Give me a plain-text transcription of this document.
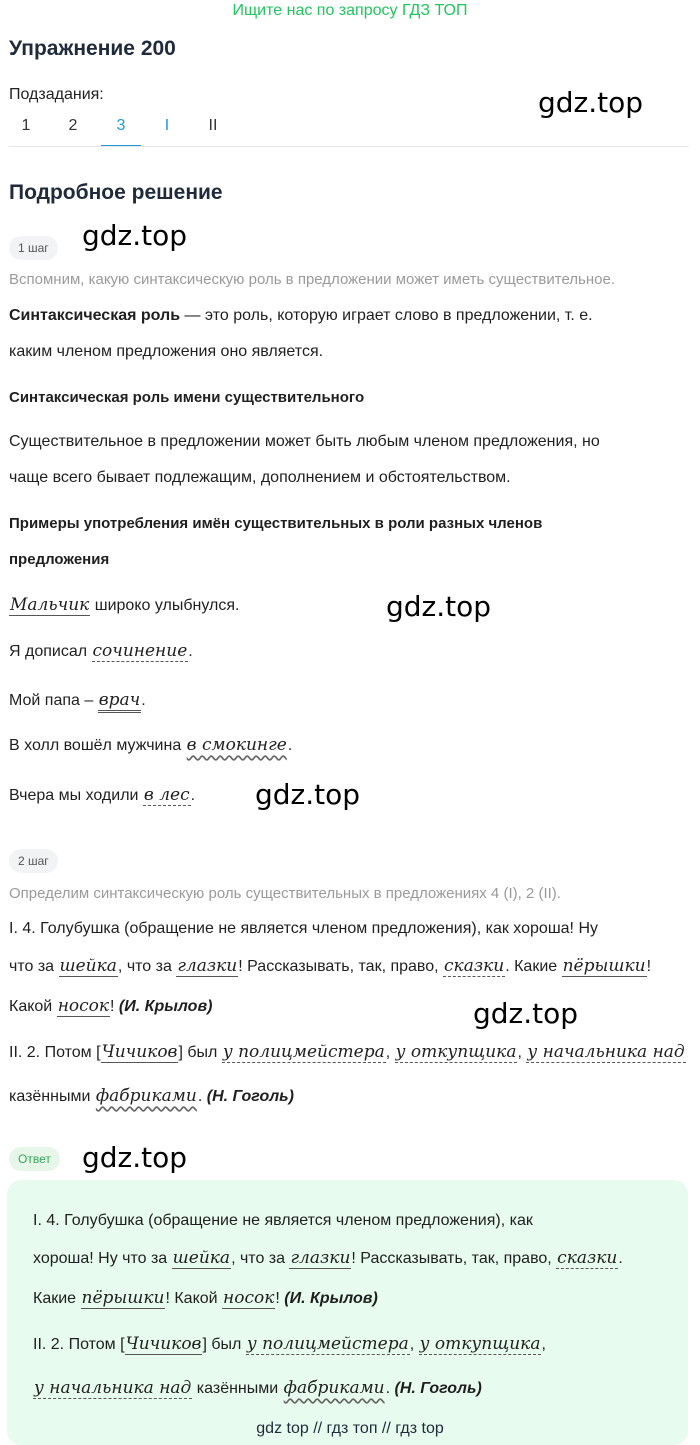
Ищите нас по запросу ГДЗ ТОП
Упражнение 200
Подзадания:	gdz.top
1	2	3	I	II
Подробное решение
1 шаг	gdz.top
Вспомним, какую синтаксическую роль в предложении может иметь существительное.
Синтаксическая роль — это роль, которую играет слово в предложении, т. е.
каким членом предложения оно является.
Синтаксическая роль имени существительного
Существительное в предложении может быть любым членом предложения, но
чаще всего бывает подлежащим, дополнением и обстоятельством.
Примеры употребления имён существительных в роли разных членов
предложения
Мальчик широко улыбнулся.	gdz.top
Я дописал сочинение.
Мой папа – врач.
В холл вошёл мужчина в смокинге.
Вчера мы ходили в лес. gdz.top
2 шаг
Определим синтаксическую роль существительных в предложениях 4 (I), 2 (II).
I. 4. Голубушка (обращение не является членом предложения), как хороша! Ну
что за шейка, что за глазки! Рассказывать, так, право, сказки. Какие пёрышки!
Какой носок! (И. Крылов)	gdz.top
II. 2. Потом [Чичиков] был у полицмейстера, у откупщика, у начальника над
казёнными фабриками. (Н. Гоголь)
Ответ	gdz.top
I. 4. Голубушка (обращение не является членом предложения), как
хороша! Ну что за шейка, что за глазки! Рассказывать, так, право, сказки.
Какие пёрышки! Какой носок! (И. Крылов)
II. 2. Потом [Чичиков] был у полицмейстера, у откупщика,
у начальника над казёнными фабриками. (Н. Гоголь)
gdz top // гдз топ // гдз top
